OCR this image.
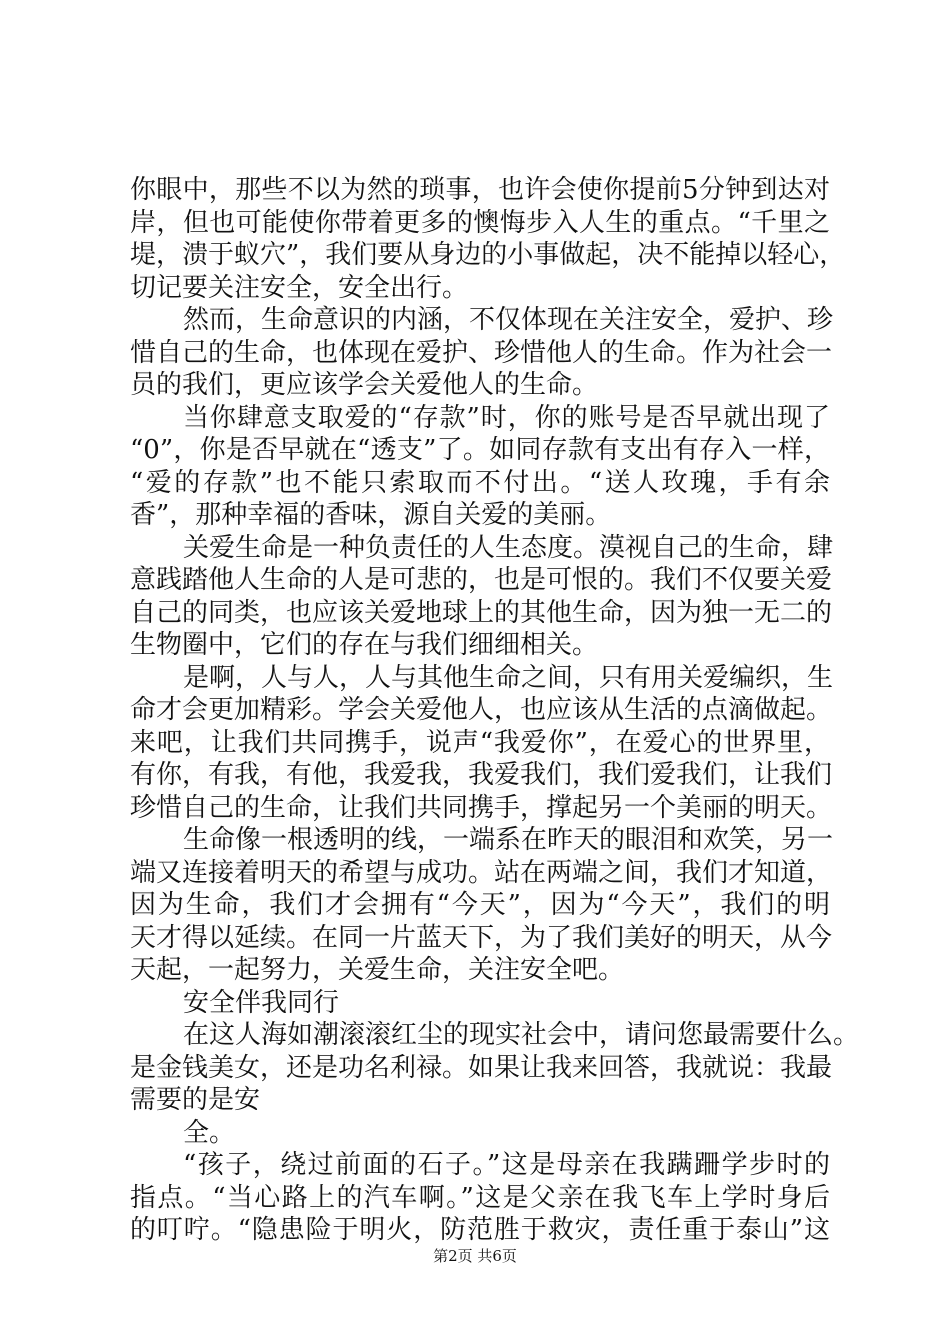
你眼中，那些不以为然的琐事，也许会使你提前5分钟到达对
岸，但也可能使你带着更多的懊悔步入人生的重点。“千里之
堤，溃于蚁穴”，我们要从身边的小事做起，决不能掉以轻心，
切记要关注安全，安全出行。
然而，生命意识的内涵，不仅体现在关注安全，爱护、珍
惜自己的生命，也体现在爱护、珍惜他人的生命。作为社会一
员的我们，更应该学会关爱他人的生命。
当你肆意支取爱的“存款”时，你的账号是否早就出现了
“0”，你是否早就在“透支”了。如同存款有支出有存入一样，
“爱的存款”也不能只索取而不付出。“送人玫瑰，手有余
香”，那种幸福的香味，源自关爱的美丽。
关爱生命是一种负责任的人生态度。漠视自己的生命，肆
意践踏他人生命的人是可悲的，也是可恨的。我们不仅要关爱
自己的同类，也应该关爱地球上的其他生命，因为独一无二的
生物圈中，它们的存在与我们细细相关。
是啊，人与人，人与其他生命之间，只有用关爱编织，生
命才会更加精彩。学会关爱他人，也应该从生活的点滴做起。
来吧，让我们共同携手，说声“我爱你”，在爱心的世界里，
有你，有我，有他，我爱我，我爱我们，我们爱我们，让我们
珍惜自己的生命，让我们共同携手，撑起另一个美丽的明天。
生命像一根透明的线，一端系在昨天的眼泪和欢笑，另一
端又连接着明天的希望与成功。站在两端之间，我们才知道，
因为生命，我们才会拥有“今天”，因为“今天”，我们的明
天才得以延续。在同一片蓝天下，为了我们美好的明天，从今
天起，一起努力，关爱生命，关注安全吧。
安全伴我同行
在这人海如潮滚滚红尘的现实社会中，请问您最需要什么。
是金钱美女，还是功名利禄。如果让我来回答，我就说：我最
需要的是安
全。
“孩子，绕过前面的石子。”这是母亲在我蹒跚学步时的
指点。“当心路上的汽车啊。”这是父亲在我飞车上学时身后
的叮咛。“隐患险于明火，防范胜于救灾，责任重于泰山”这
第2页 共6页
